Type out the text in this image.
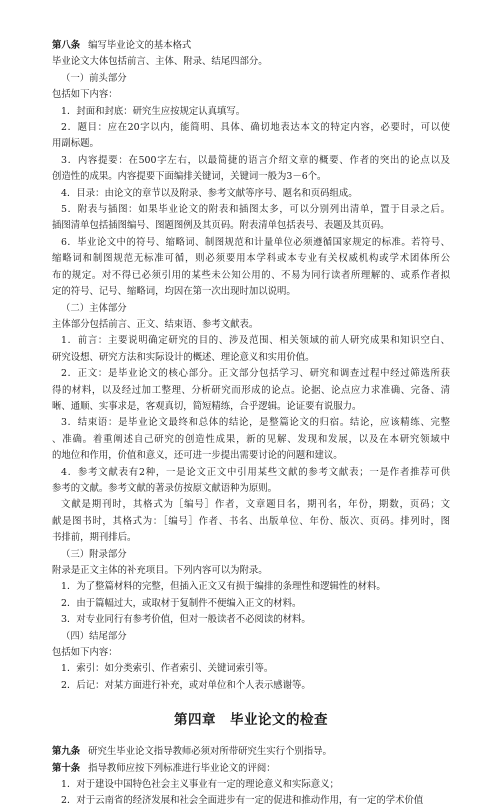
第八条 编写毕业论文的基本格式
毕业论文大体包括前言、主体、附录、结尾四部分。
（一）前头部分
包括如下内容：
1．封面和封底：研究生应按规定认真填写。
2．题目：应在20字以内，能简明、具体、确切地表达本文的特定内容，必要时，可以使
用副标题。
3．内容提要：在500字左右，以最简捷的语言介绍文章的概要、作者的突出的论点以及
创造性的成果。内容提要下面编排关键词，关键词一般为3－6个。
4．目录：由论文的章节以及附录、参考文献等序号、题名和页码组成。
5．附表与插图：如果毕业论文的附表和插图太多，可以分别列出清单，置于目录之后。
插图清单包括插图编号、图题图例及其页码。附表清单包括表号、表题及其页码。
6．毕业论文中的符号、缩略词、制图规范和计量单位必须遵循国家规定的标准。若符号、
缩略词和制图规范无标准可循，则必须要用本学科或本专业有关权威机构或学术团体所公
布的规定。对不得已必须引用的某些未公知公用的、不易为同行读者所理解的、或系作者拟
定的符号、记号、缩略词，均因在第一次出现时加以说明。
（二）主体部分
主体部分包括前言、正文、结束语、参考文献表。
1．前言：主要说明确定研究的目的、涉及范围、相关领域的前人研究成果和知识空白、
研究设想、研究方法和实际设计的概述、理论意义和实用价值。
2．正文：是毕业论文的核心部分。正文部分包括学习、研究和调查过程中经过筛选所获
得的材料，以及经过加工整理、分析研究而形成的论点。论据、论点应力求准确、完备、清
晰、通顺、实事求是，客观真切，简短精练，合乎逻辑。论证要有说服力。
3．结束语：是毕业论文最终和总体的结论，是整篇论文的归宿。结论，应该精练、完整
、准确。着重阐述自己研究的创造性成果，新的见解、发现和发展，以及在本研究领域中
的地位和作用，价值和意义，还可进一步提出需要讨论的问题和建议。
4．参考文献表有2种，一是论文正文中引用某些文献的参考文献表；一是作者推荐可供
参考的文献。参考文献的著录仿按原文献语种为原则。
文献是期刊时，其格式为［编号］作者，文章题目名，期刊名，年份，期数，页码；文
献是图书时，其格式为：［编号］作者、书名、出版单位、年份、版次、页码。排列时，图
书排前，期刊排后。
（三）附录部分
附录是正文主体的补充项目。下列内容可以为附录。
1．为了整篇材料的完整，但插入正文又有损于编排的条理性和逻辑性的材料。
2．由于篇幅过大，或取材于复制件不便编入正文的材料。
3．对专业同行有参考价值，但对一般读者不必阅读的材料。
（四）结尾部分
包括如下内容：
1．索引：如分类索引、作者索引、关键词索引等。
2．后记：对某方面进行补充，或对单位和个人表示感谢等。
第四章 毕业论文的检查
第九条 研究生毕业论文指导教师必须对所带研究生实行个别指导。
第十条 指导教师应按下列标准进行毕业论文的评阅：
1．对于建设中国特色社会主义事业有一定的理论意义和实际意义；
2．对于云南省的经济发展和社会全面进步有一定的促进和推动作用，有一定的学术价值
